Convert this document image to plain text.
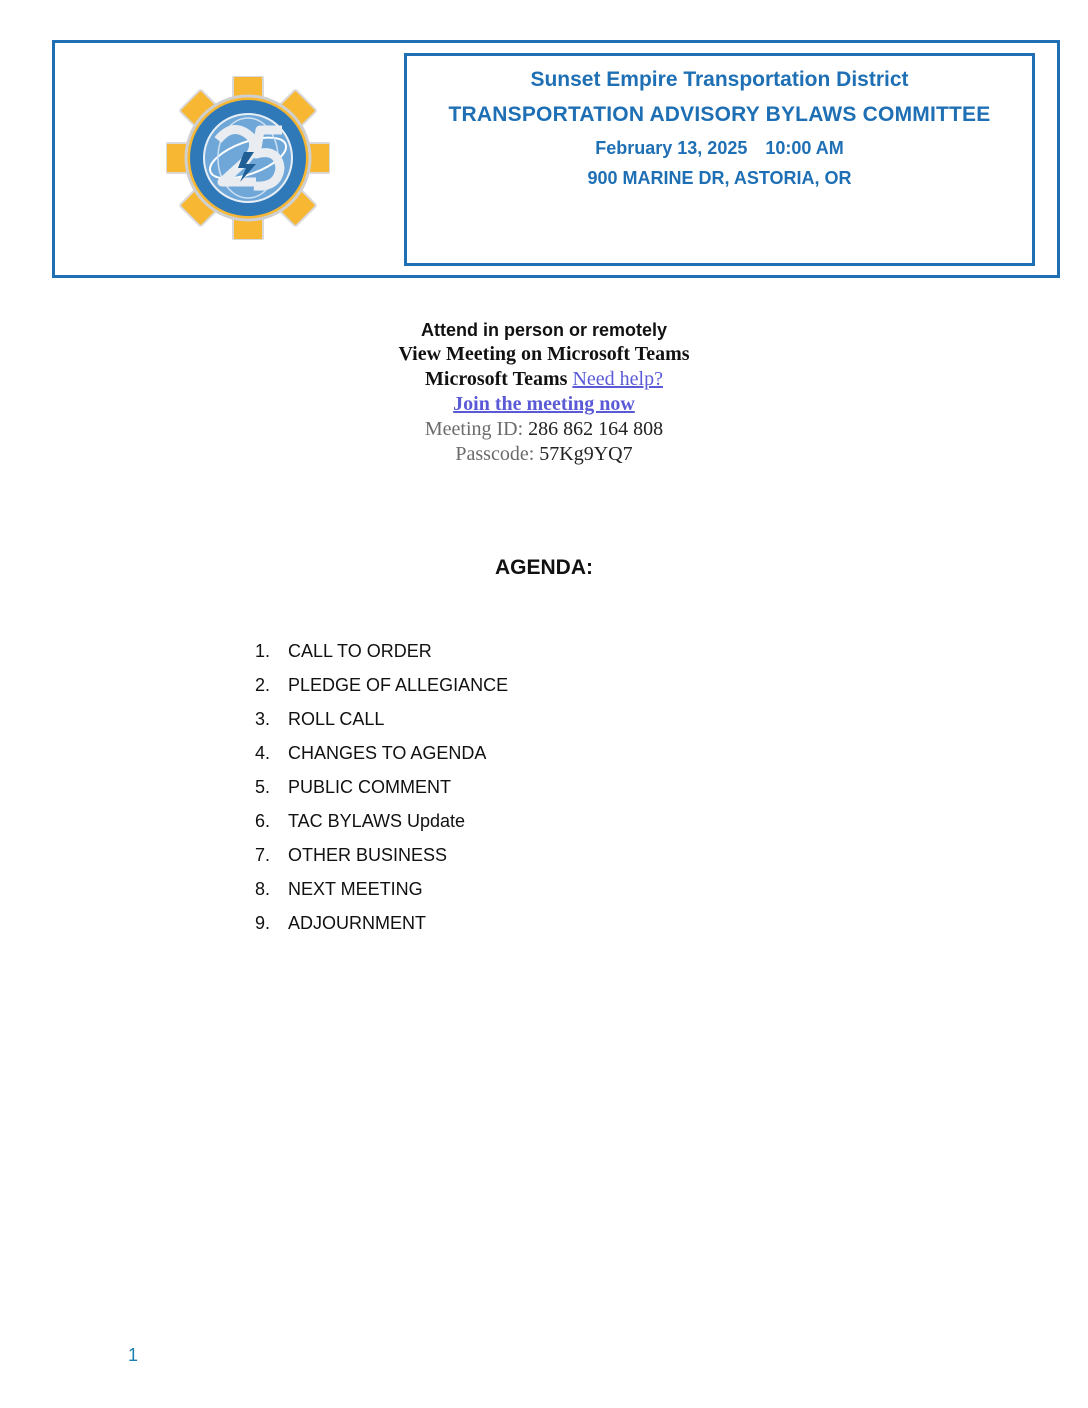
Sunset Empire Transportation District
TRANSPORTATION ADVISORY BYLAWS COMMITTEE
February 13, 2025 10:00 AM
900 MARINE DR, ASTORIA, OR
Attend in person or remotely
View Meeting on Microsoft Teams
Microsoft Teams Need help?
Join the meeting now
Meeting ID: 286 862 164 808
Passcode: 57Kg9YQ7
AGENDA:
1. CALL TO ORDER
2. PLEDGE OF ALLEGIANCE
3. ROLL CALL
4. CHANGES TO AGENDA
5. PUBLIC COMMENT
6. TAC BYLAWS Update
7. OTHER BUSINESS
8. NEXT MEETING
9. ADJOURNMENT
1
